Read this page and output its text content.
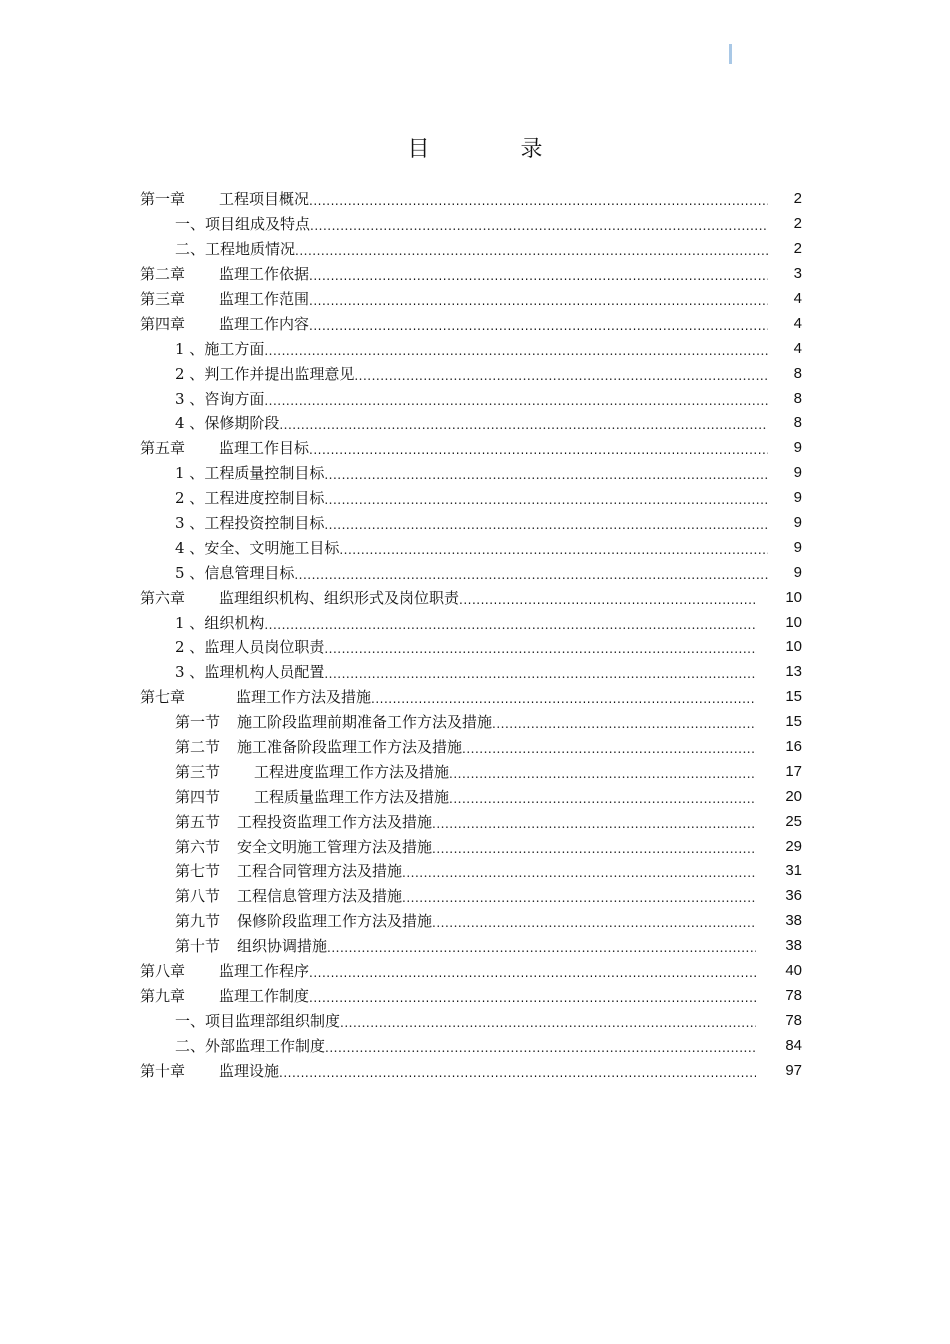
目 录
第一章 工程项目概况 .....	2
一、项目组成及特点 .....	2
二、工程地质情况 .....	2
第二章 监理工作依据 .....	3
第三章 监理工作范围 .....	4
第四章 监理工作内容 .....	4
1 、施工方面 .....	4
2 、判工作并提出监理意见 .....	8
3 、咨询方面 .....	8
4 、保修期阶段 .....	8
第五章 监理工作目标 .....	9
1 、工程质量控制目标 .....	9
2 、工程进度控制目标 .....	9
3 、工程投资控制目标 .....	9
4 、安全、文明施工目标 .....	9
5 、信息管理目标 .....	9
第六章 监理组织机构、组织形式及岗位职责 .....	10
1 、组织机构 .....	10
2 、监理人员岗位职责 .....	10
3 、监理机构人员配置 .....	13
第七章	监理工作方法及措施 .....	15
第一节 施工阶段监理前期准备工作方法及措施 .....	15
第二节 施工准备阶段监理工作方法及措施 .....	16
第三节 工程进度监理工作方法及措施 .....	17
第四节 工程质量监理工作方法及措施 .....	20
第五节 工程投资监理工作方法及措施 .....	25
第六节 安全文明施工管理方法及措施 .....	29
第七节 工程合同管理方法及措施 .....	31
第八节 工程信息管理方法及措施 .....	36
第九节 保修阶段监理工作方法及措施 .....	38
第十节 组织协调措施 .....	38
第八章 监理工作程序 .....	40
第九章 监理工作制度 .....	78
一、项目监理部组织制度 .....	78
二、外部监理工作制度 .....	84
第十章 监理设施 .....	97
